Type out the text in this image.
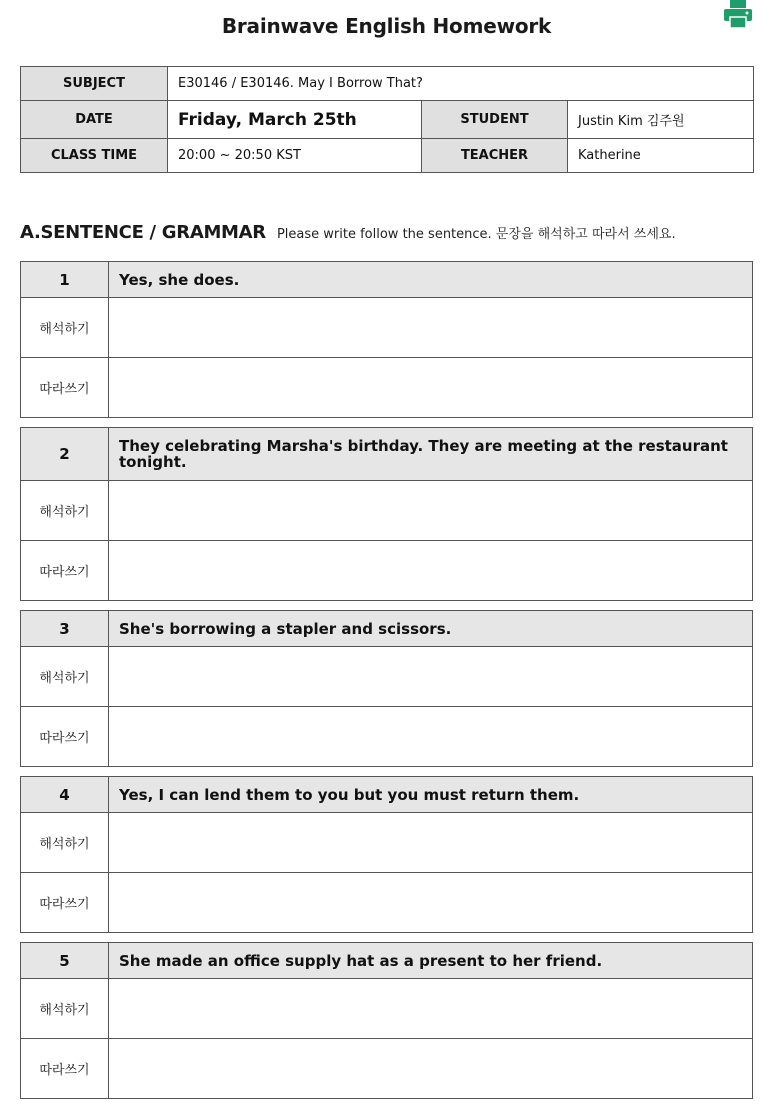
Brainwave English Homework
SUBJECT	E30146 / E30146. May I Borrow That?		
DATE	Friday, March 25th	STUDENT	Justin Kim 김주원
CLASS TIME	20:00 ~ 20:50 KST	TEACHER	Katherine
A.SENTENCE / GRAMMAR Please write follow the sentence. 문장을 해석하고 따라서 쓰세요.
1	Yes, she does.
해석하기	
따라쓰기	
2	They celebrating Marsha's birthday. They are meeting at the restaurant tonight.
해석하기	
따라쓰기	
3	She's borrowing a stapler and scissors.
해석하기	
따라쓰기	
4	Yes, I can lend them to you but you must return them.
해석하기	
따라쓰기	
5	She made an office supply hat as a present to her friend.
해석하기	
따라쓰기	
